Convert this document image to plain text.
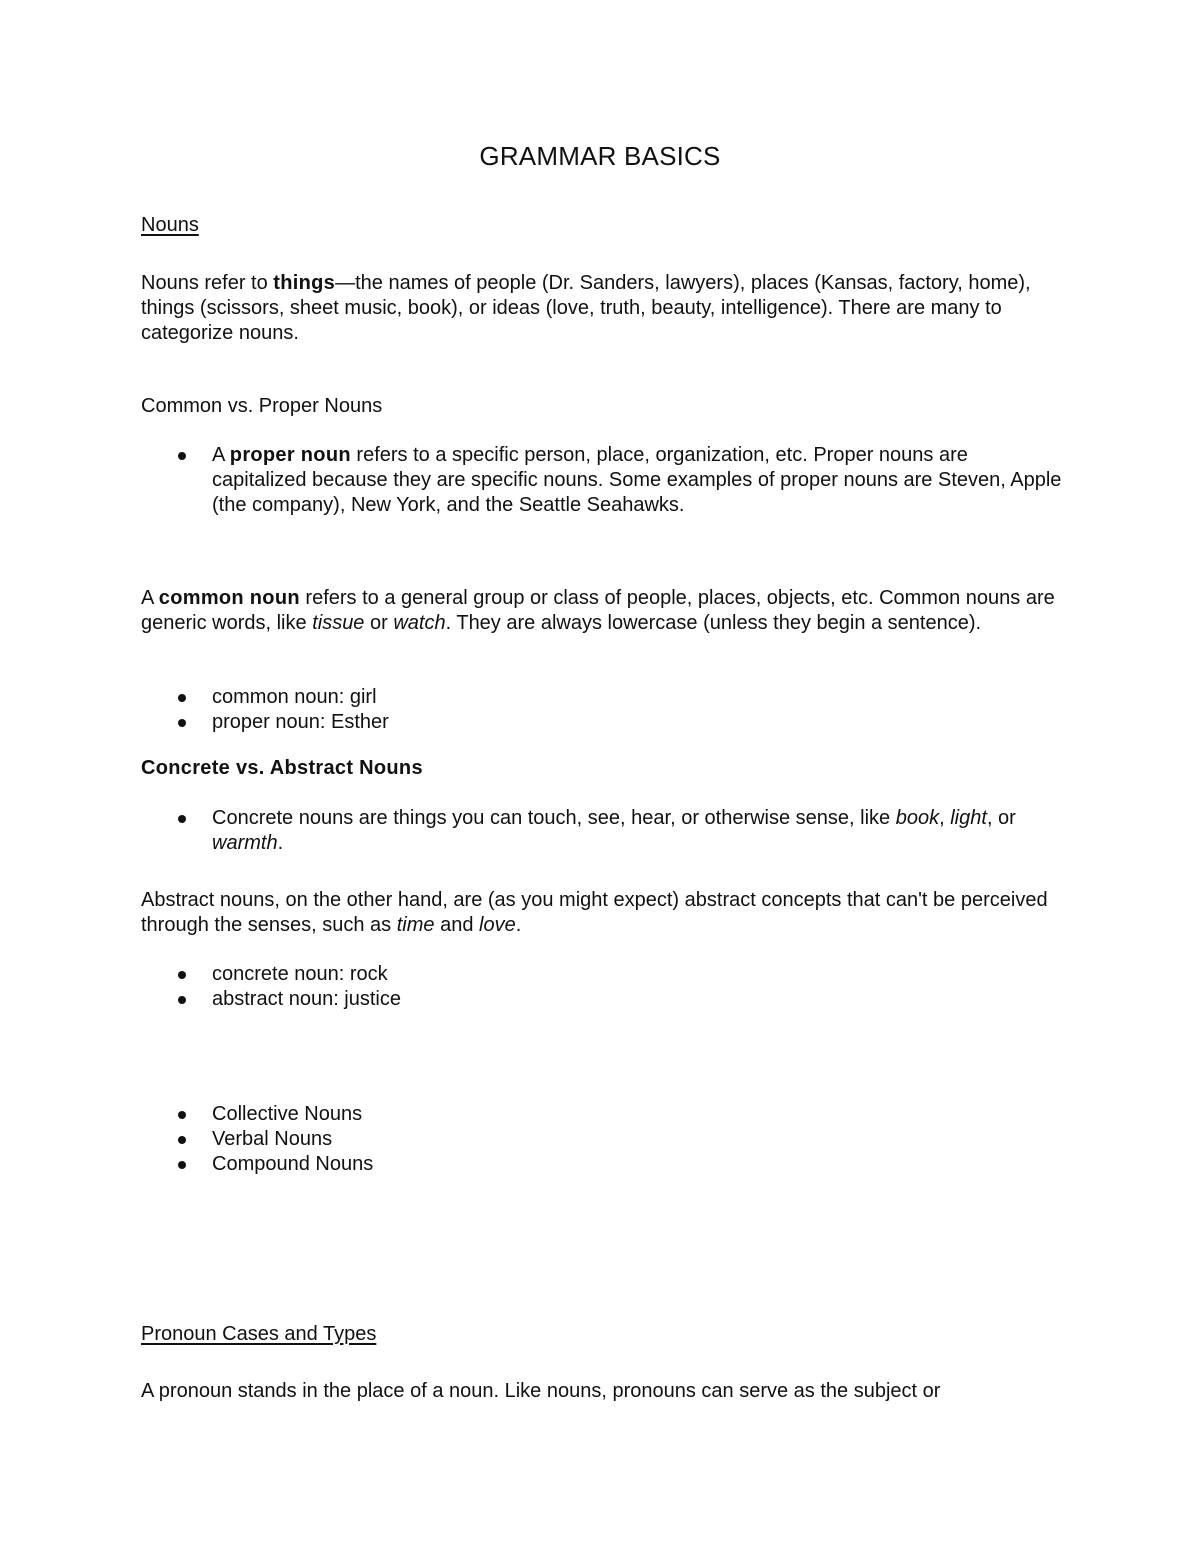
GRAMMAR BASICS
Nouns
Nouns refer to things—the names of people (Dr. Sanders, lawyers), places (Kansas, factory, home), things (scissors, sheet music, book), or ideas (love, truth, beauty, intelligence). There are many to categorize nouns.
Common vs. Proper Nouns
A proper noun refers to a specific person, place, organization, etc. Proper nouns are capitalized because they are specific nouns. Some examples of proper nouns are Steven, Apple (the company), New York, and the Seattle Seahawks.
A common noun refers to a general group or class of people, places, objects, etc. Common nouns are generic words, like tissue or watch. They are always lowercase (unless they begin a sentence).
common noun: girl
proper noun: Esther
Concrete vs. Abstract Nouns
Concrete nouns are things you can touch, see, hear, or otherwise sense, like book, light, or warmth.
Abstract nouns, on the other hand, are (as you might expect) abstract concepts that can't be perceived through the senses, such as time and love.
concrete noun: rock
abstract noun: justice
Collective Nouns
Verbal Nouns
Compound Nouns
Pronoun Cases and Types
A pronoun stands in the place of a noun. Like nouns, pronouns can serve as the subject or
